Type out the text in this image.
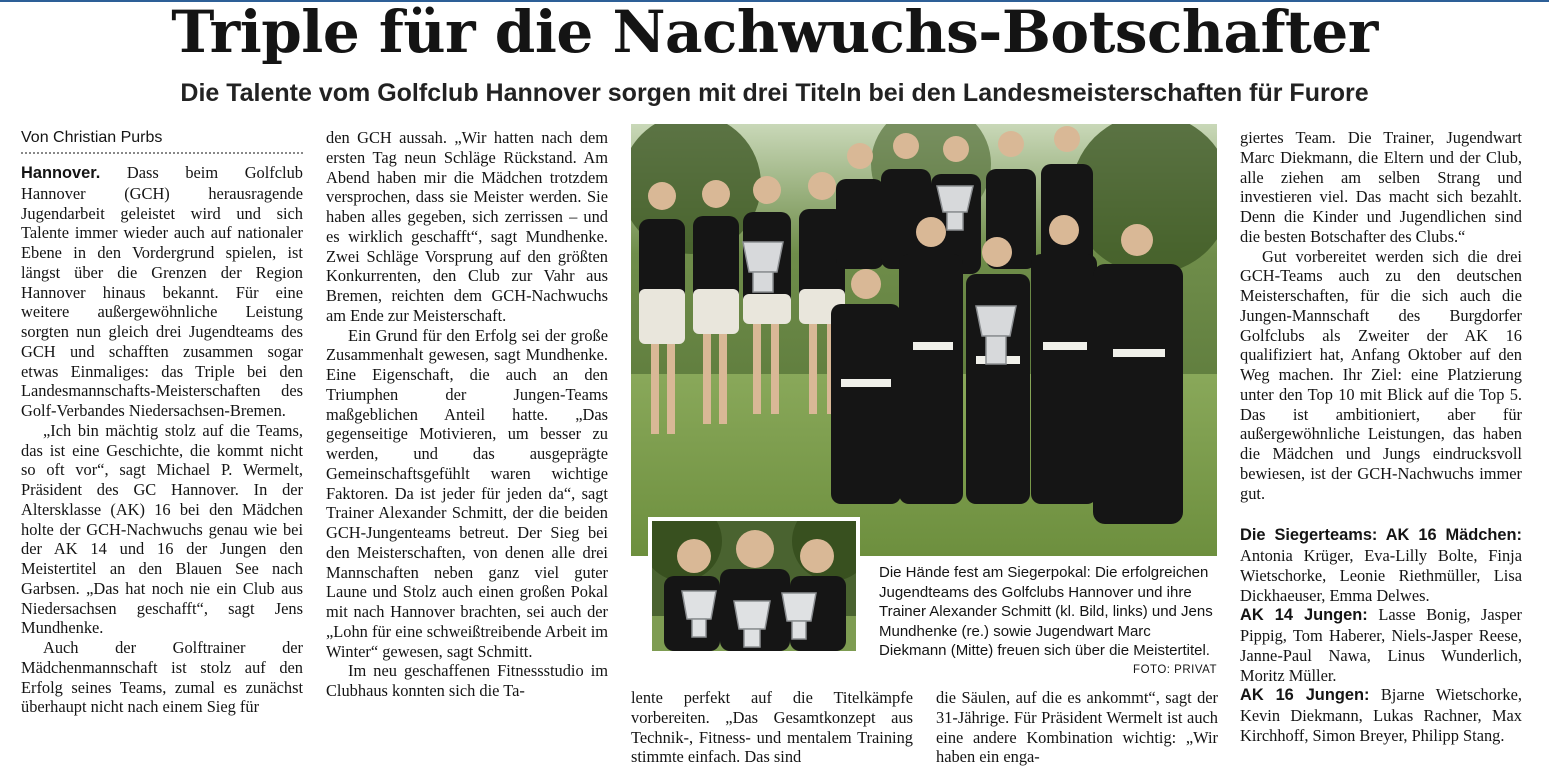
Triple für die Nachwuchs-Botschafter
Die Talente vom Golfclub Hannover sorgen mit drei Titeln bei den Landesmeisterschaften für Furore
Von Christian Purbs

Hannover. Dass beim Golfclub Hannover (GCH) herausragende Jugendarbeit geleistet wird und sich Talente immer wieder auch auf nationaler Ebene in den Vordergrund spielen, ist längst über die Grenzen der Region Hannover hinaus bekannt. Für eine weitere außergewöhnliche Leistung sorgten nun gleich drei Jugendteams des GCH und schafften zusammen sogar etwas Einmaliges: das Triple bei den Landesmannschafts-Meisterschaften des Golf-Verbandes Niedersachsen-Bremen.

„Ich bin mächtig stolz auf die Teams, das ist eine Geschichte, die kommt nicht so oft vor“, sagt Michael P. Wermelt, Präsident des GC Hannover. In der Altersklasse (AK) 16 bei den Mädchen holte der GCH-Nachwuchs genau wie bei der AK 14 und 16 der Jungen den Meistertitel an den Blauen See nach Garbsen. „Das hat noch nie ein Club aus Niedersachsen geschafft“, sagt Jens Mundhenke.

Auch der Golftrainer der Mädchenmannschaft ist stolz auf den Erfolg seines Teams, zumal es zunächst überhaupt nicht nach einem Sieg für

den GCH aussah. „Wir hatten nach dem ersten Tag neun Schläge Rückstand. Am Abend haben mir die Mädchen trotzdem versprochen, dass sie Meister werden. Sie haben alles gegeben, sich zerrissen – und es wirklich geschafft“, sagt Mundhenke. Zwei Schläge Vorsprung auf den größten Konkurrenten, den Club zur Vahr aus Bremen, reichten dem GCH-Nachwuchs am Ende zur Meisterschaft.

Ein Grund für den Erfolg sei der große Zusammenhalt gewesen, sagt Mundhenke. Eine Eigenschaft, die auch an den Triumphen der Jungen-Teams maßgeblichen Anteil hatte. „Das gegenseitige Motivieren, um besser zu werden, und das ausgeprägte Gemeinschaftsgefühlt waren wichtige Faktoren. Da ist jeder für jeden da“, sagt Trainer Alexander Schmitt, der die beiden GCH-Jungenteams betreut. Der Sieg bei den Meisterschaften, von denen alle drei Mannschaften neben ganz viel guter Laune und Stolz auch einen großen Pokal mit nach Hannover brachten, sei auch der „Lohn für eine schweißtreibende Arbeit im Winter“ gewesen, sagt Schmitt.

Im neu geschaffenen Fitnessstudio im Clubhaus konnten sich die Ta-

Die Hände fest am Siegerpokal: Die erfolgreichen Jugendteams des Golfclubs Hannover und ihre Trainer Alexander Schmitt (kl. Bild, links) und Jens Mundhenke (re.) sowie Jugendwart Marc Diekmann (Mitte) freuen sich über die Meistertitel.
FOTO: PRIVAT

lente perfekt auf die Titelkämpfe vorbereiten. „Das Gesamtkonzept aus Technik-, Fitness- und mentalem Training stimmte einfach. Das sind

die Säulen, auf die es ankommt“, sagt der 31-Jährige. Für Präsident Wermelt ist auch eine andere Kombination wichtig: „Wir haben ein enga-

giertes Team. Die Trainer, Jugendwart Marc Diekmann, die Eltern und der Club, alle ziehen am selben Strang und investieren viel. Das macht sich bezahlt. Denn die Kinder und Jugendlichen sind die besten Botschafter des Clubs.“

Gut vorbereitet werden sich die drei GCH-Teams auch zu den deutschen Meisterschaften, für die sich auch die Jungen-Mannschaft des Burgdorfer Golfclubs als Zweiter der AK 16 qualifiziert hat, Anfang Oktober auf den Weg machen. Ihr Ziel: eine Platzierung unter den Top 10 mit Blick auf die Top 5. Das ist ambitioniert, aber für außergewöhnliche Leistungen, das haben die Mädchen und Jungs eindrucksvoll bewiesen, ist der GCH-Nachwuchs immer gut.

Die Siegerteams: AK 16 Mädchen: Antonia Krüger, Eva-Lilly Bolte, Finja Wietschorke, Leonie Riethmüller, Lisa Dickhaeuser, Emma Delwes.

AK 14 Jungen: Lasse Bonig, Jasper Pippig, Tom Haberer, Niels-Jasper Reese, Janne-Paul Nawa, Linus Wunderlich, Moritz Müller.

AK 16 Jungen: Bjarne Wietschorke, Kevin Diekmann, Lukas Rachner, Max Kirchhoff, Simon Breyer, Philipp Stang.
